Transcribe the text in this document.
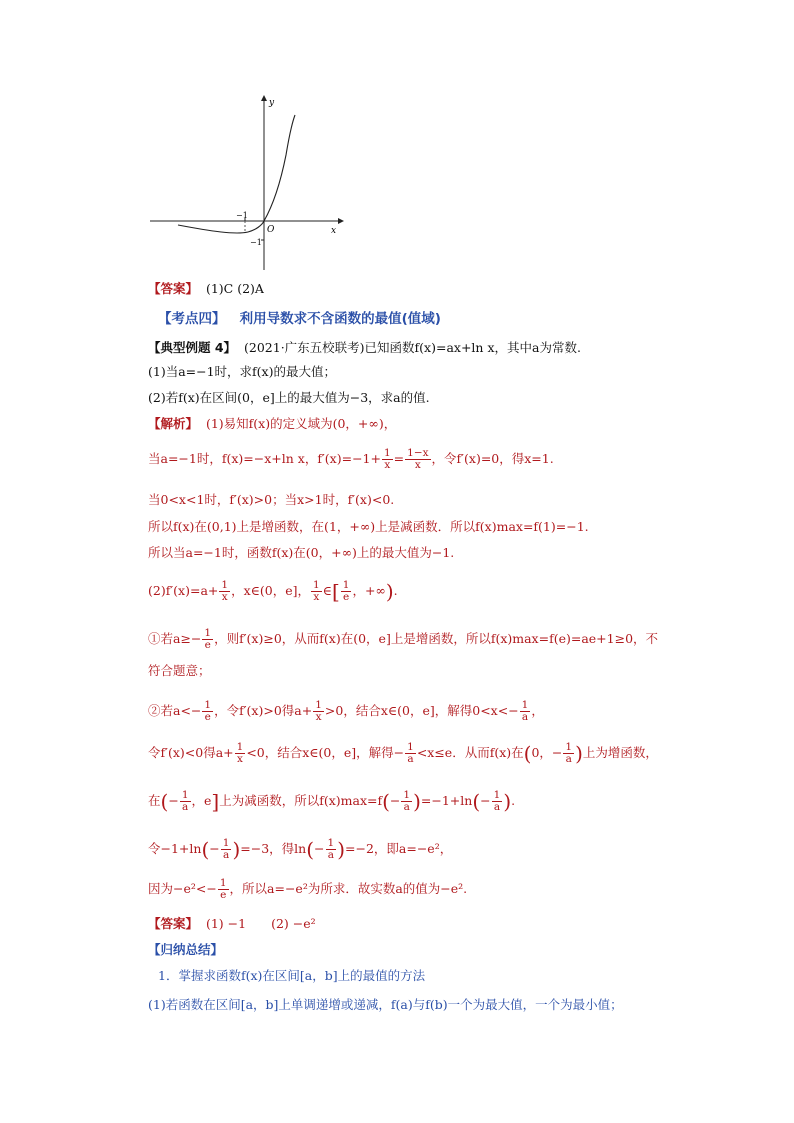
y
x
O
−1
−1
【答案】 (1)C (2)A
【考点四】 利用导数求不含函数的最值(值域)
【典型例题 4】 (2021·广东五校联考)已知函数f(x)=ax+ln x，其中a为常数.
(1)当a=−1时，求f(x)的最大值；
(2)若f(x)在区间(0，e]上的最大值为−3，求a的值.
【解析】 (1)易知f(x)的定义域为(0，+∞)，
当a=−1时，f(x)=−x+ln x，$f'(x)=-1+ \frac{1}{x} = \frac{1-x}{x}$ ，令f′(x)=0，得x=1.
当0<x<1时，f′(x)>0；当x>1时，f′(x)<0.
所以f(x)在(0,1)上是增函数，在(1，+∞)上是减函数．所以f(x)max=f(1)=−1.
所以当a=−1时，函数f(x)在(0，+∞)上的最大值为−1.
$(2)f'(x)=a+ \frac{1}{x}$ ，x∈(0，e]， $\frac{1}{x}$ ∈[ $\frac{1}{e}$ ，+∞).
①若$a\ge- \frac{1}{e}$ ，则f′(x)≥0，从而f(x)在(0，e]上是增函数，所以f(x)max=f(e)=ae+1≥0，不
符合题意；
②若$a<- \frac{1}{e}$ ，令f′(x)>0得$a+ \frac{1}{x} >0$，结合x∈(0，e]，解得$0<x<- \frac{1}{a}$ ，
令f′(x)<0得$a+ \frac{1}{x} <0$，结合x∈(0，e]，解得− $\frac{1}{a} <x\le e$．从而f(x)在(0，− $\frac{1}{a}$ )上为增函数，
在(− $\frac{1}{a}$ ，e]上为减函数，所以$f(x)\max=f(- \frac{1}{a} )=-1+\ln(- \frac{1}{a}$ ).
令$-1+\ln(- \frac{1}{a} )=-3$，得$\ln(- \frac{1}{a} )=-2$，即a=−e²，
因为$-e^2<- \frac{1}{e}$ ，所以a=−e²为所求．故实数a的值为−e².
【答案】 (1) −1　　(2) −e²
【归纳总结】
1．掌握求函数f(x)在区间[a，b]上的最值的方法
(1)若函数在区间[a，b]上单调递增或递减，f(a)与f(b)一个为最大值，一个为最小值；
